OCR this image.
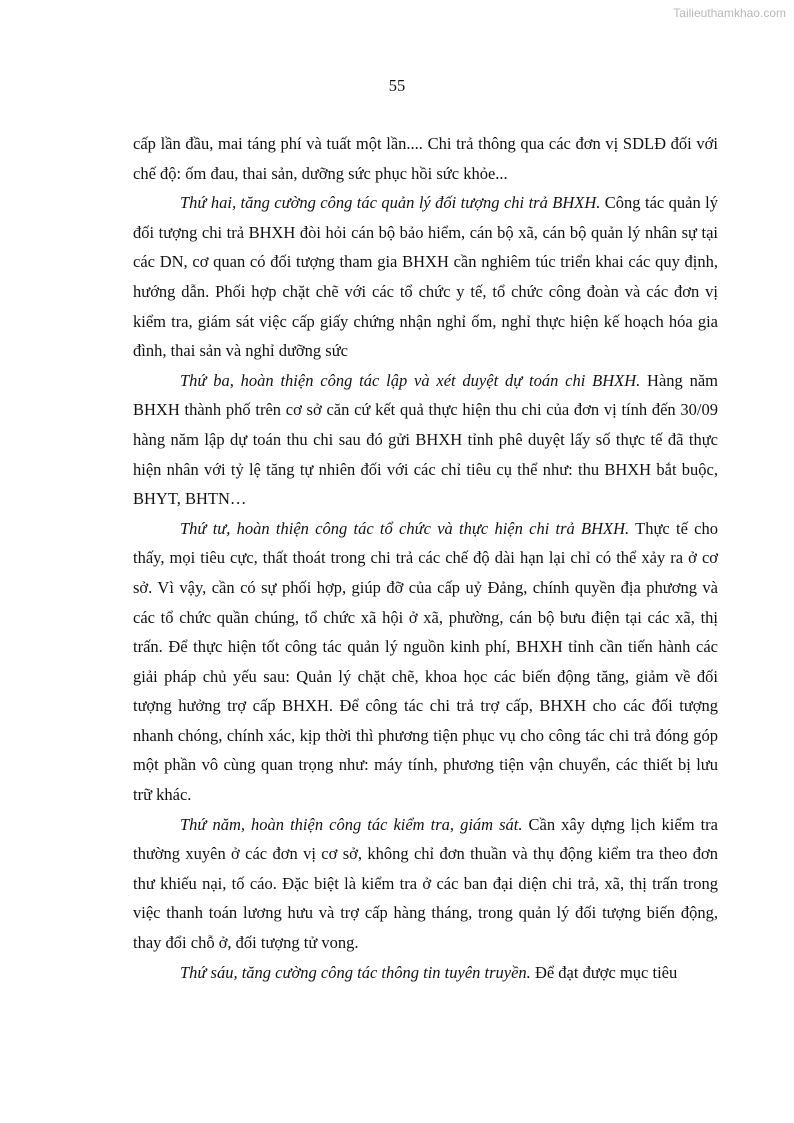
Tailieuthamkhao.com
55

cấp lần đầu, mai táng phí và tuất một lần.... Chi trả thông qua các đơn vị SDLĐ đối với chế độ: ốm đau, thai sản, dưỡng sức phục hồi sức khỏe...

Thứ hai, tăng cường công tác quản lý đối tượng chi trả BHXH. Công tác quản lý đối tượng chi trả BHXH đòi hỏi cán bộ bảo hiểm, cán bộ xã, cán bộ quản lý nhân sự tại các DN, cơ quan có đối tượng tham gia BHXH cần nghiêm túc triển khai các quy định, hướng dẫn. Phối hợp chặt chẽ với các tổ chức y tế, tổ chức công đoàn và các đơn vị kiểm tra, giám sát việc cấp giấy chứng nhận nghỉ ốm, nghỉ thực hiện kế hoạch hóa gia đình, thai sản và nghỉ dưỡng sức

Thứ ba, hoàn thiện công tác lập và xét duyệt dự toán chi BHXH. Hàng năm BHXH thành phố trên cơ sở căn cứ kết quả thực hiện thu chi của đơn vị tính đến 30/09 hàng năm lập dự toán thu chi sau đó gửi BHXH tỉnh phê duyệt lấy số thực tế đã thực hiện nhân với tỷ lệ tăng tự nhiên đối với các chỉ tiêu cụ thể như: thu BHXH bắt buộc, BHYT, BHTN…

Thứ tư, hoàn thiện công tác tổ chức và thực hiện chi trả BHXH. Thực tế cho thấy, mọi tiêu cực, thất thoát trong chi trả các chế độ dài hạn lại chỉ có thể xảy ra ở cơ sở. Vì vậy, cần có sự phối hợp, giúp đỡ của cấp uỷ Đảng, chính quyền địa phương và các tổ chức quần chúng, tổ chức xã hội ở xã, phường, cán bộ bưu điện tại các xã, thị trấn. Để thực hiện tốt công tác quản lý nguồn kinh phí, BHXH tỉnh cần tiến hành các giải pháp chủ yếu sau: Quản lý chặt chẽ, khoa học các biến động tăng, giảm về đối tượng hưởng trợ cấp BHXH. Để công tác chi trả trợ cấp, BHXH cho các đối tượng nhanh chóng, chính xác, kịp thời thì phương tiện phục vụ cho công tác chi trả đóng góp một phần vô cùng quan trọng như: máy tính, phương tiện vận chuyển, các thiết bị lưu trữ khác.

Thứ năm, hoàn thiện công tác kiểm tra, giám sát. Cần xây dựng lịch kiểm tra thường xuyên ở các đơn vị cơ sở, không chỉ đơn thuần và thụ động kiểm tra theo đơn thư khiếu nại, tố cáo. Đặc biệt là kiểm tra ở các ban đại diện chi trả, xã, thị trấn trong việc thanh toán lương hưu và trợ cấp hàng tháng, trong quản lý đối tượng biến động, thay đổi chỗ ở, đối tượng tử vong.

Thứ sáu, tăng cường công tác thông tin tuyên truyền. Để đạt được mục tiêu
